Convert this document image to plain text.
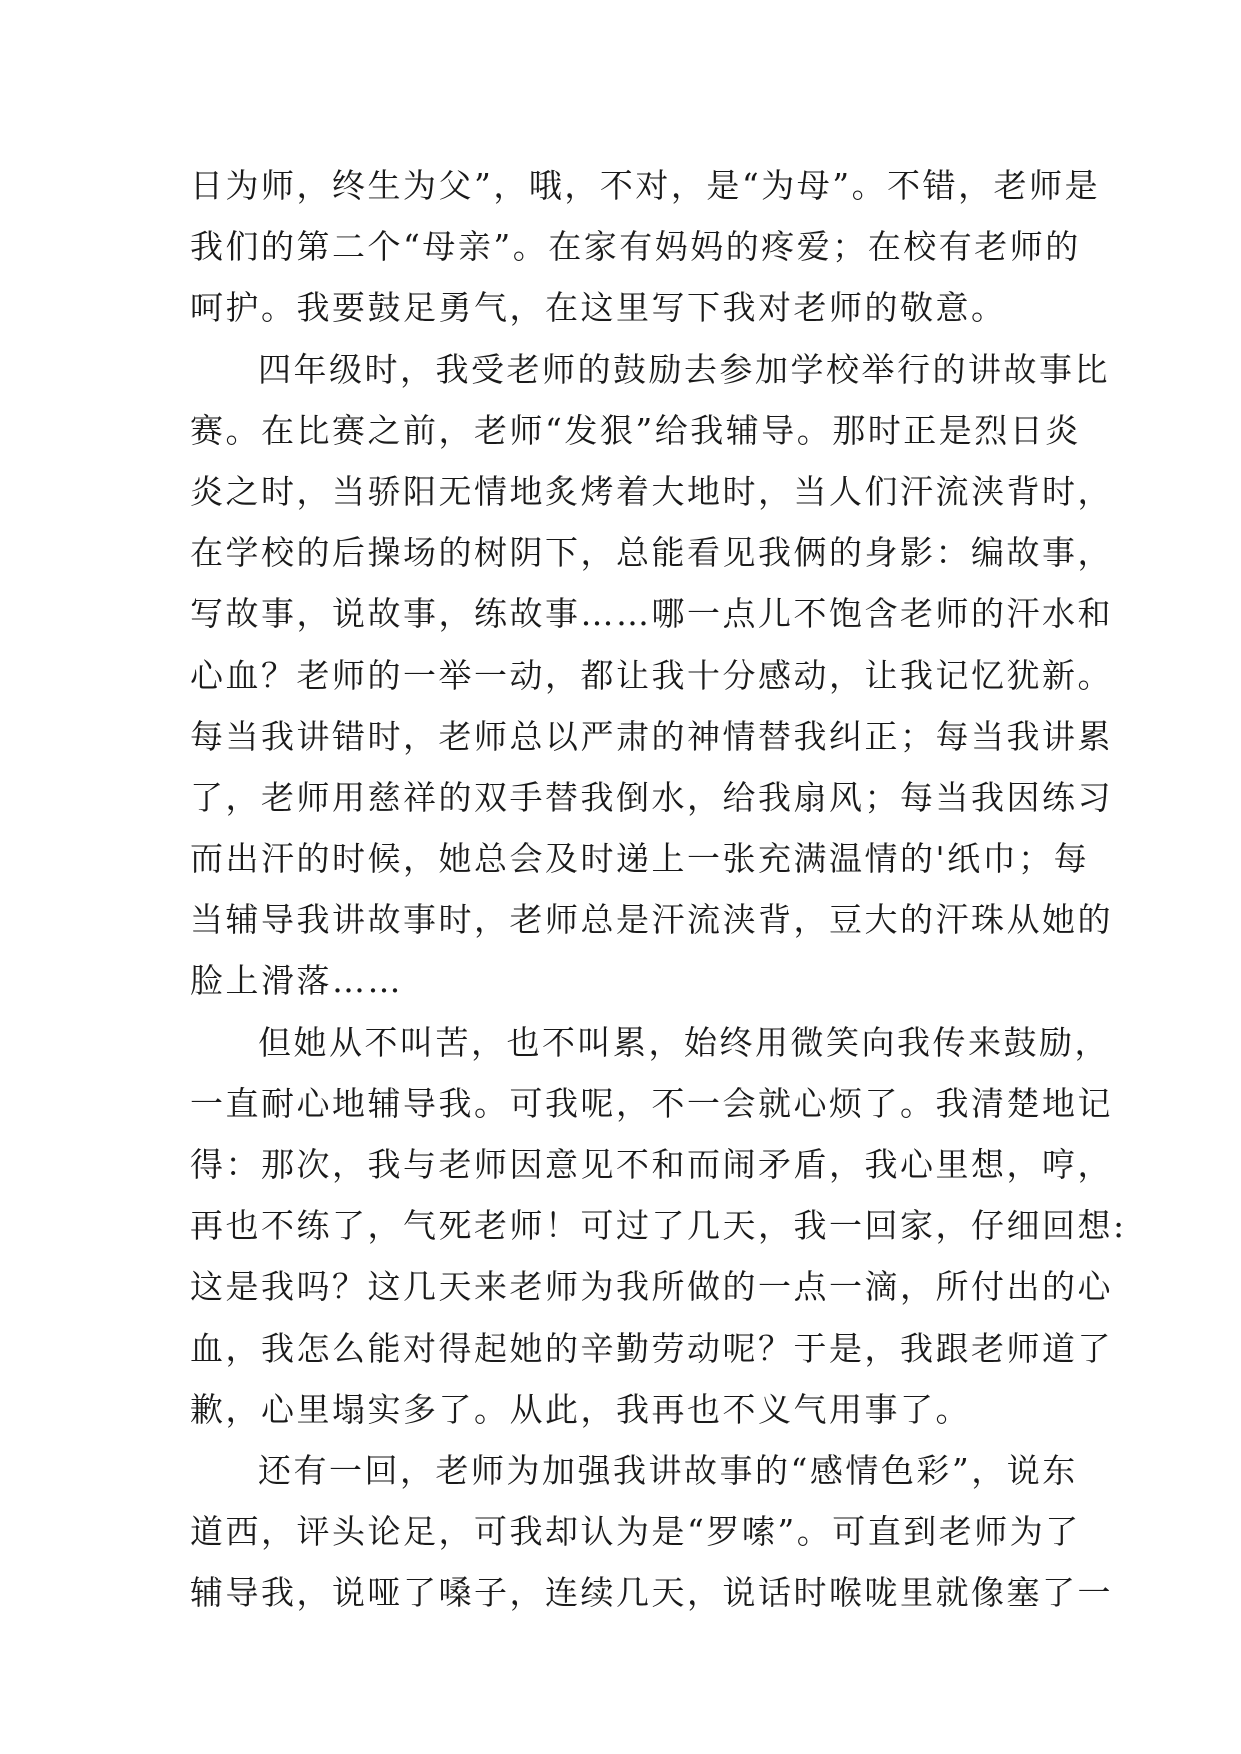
日为师，终生为父”，哦，不对，是“为母”。不错，老师是
我们的第二个“母亲”。在家有妈妈的疼爱；在校有老师的
呵护。我要鼓足勇气，在这里写下我对老师的敬意。
四年级时，我受老师的鼓励去参加学校举行的讲故事比
赛。在比赛之前，老师“发狠”给我辅导。那时正是烈日炎
炎之时，当骄阳无情地炙烤着大地时，当人们汗流浃背时，
在学校的后操场的树阴下，总能看见我俩的身影：编故事，
写故事，说故事，练故事……哪一点儿不饱含老师的汗水和
心血？老师的一举一动，都让我十分感动，让我记忆犹新。
每当我讲错时，老师总以严肃的神情替我纠正；每当我讲累
了，老师用慈祥的双手替我倒水，给我扇风；每当我因练习
而出汗的时候，她总会及时递上一张充满温情的'纸巾；每
当辅导我讲故事时，老师总是汗流浃背，豆大的汗珠从她的
脸上滑落……
但她从不叫苦，也不叫累，始终用微笑向我传来鼓励，
一直耐心地辅导我。可我呢，不一会就心烦了。我清楚地记
得：那次，我与老师因意见不和而闹矛盾，我心里想，哼，
再也不练了，气死老师！可过了几天，我一回家，仔细回想:
这是我吗？这几天来老师为我所做的一点一滴，所付出的心
血，我怎么能对得起她的辛勤劳动呢？于是，我跟老师道了
歉，心里塌实多了。从此，我再也不义气用事了。
还有一回，老师为加强我讲故事的“感情色彩”，说东
道西，评头论足，可我却认为是“罗嗦”。可直到老师为了
辅导我，说哑了嗓子，连续几天，说话时喉咙里就像塞了一
